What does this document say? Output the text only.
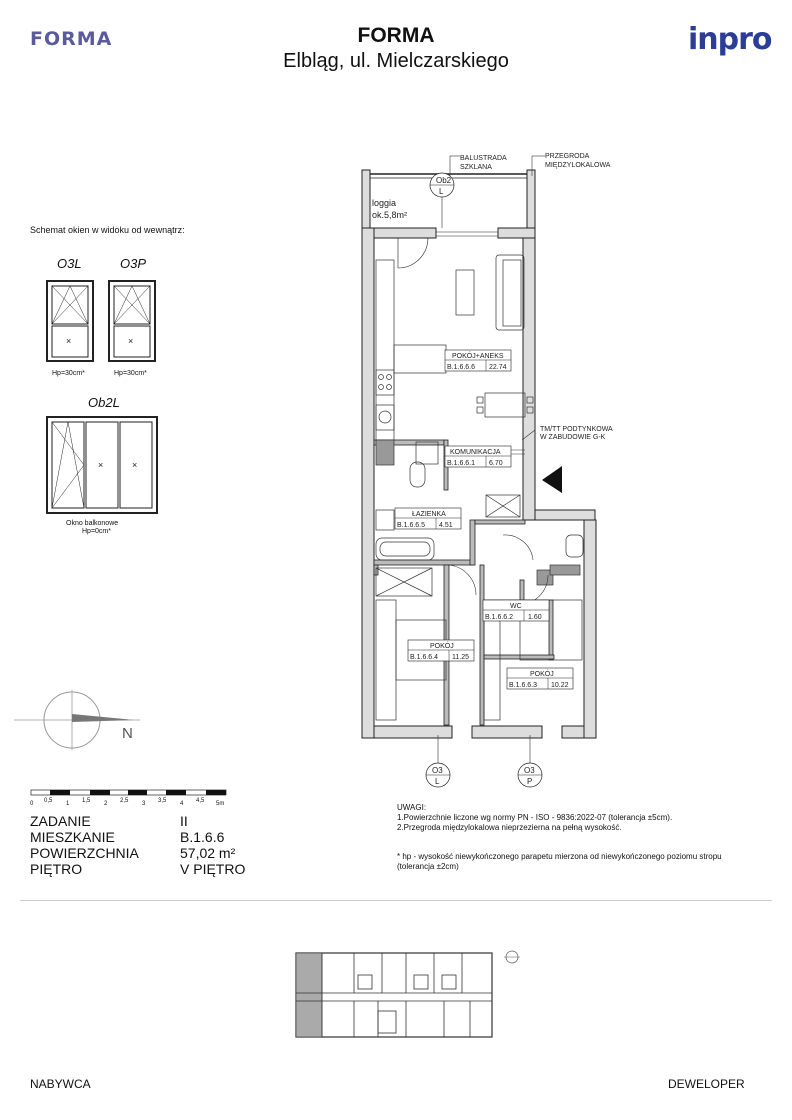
FORMA	FORMA
Elbląg, ul. Mielczarskiego
inpro
Schemat okien w widoku od wewnątrz:
O3L	O3P
×	×
Hp=30cm*	Hp=30cm*
Ob2L
×	×
Okno balkonowe
Hp=0cm*
loggia
ok.5,8m²
BALUSTRADA
SZKLANA
PRZEGRODA
MIĘDZYLOKALOWA
TM/TT PODTYNKOWA
W ZABUDOWIE G-K
Ob2
L
O3
L
O3
P
POKÓJ+ANEKS
B.1.6.6.6 22.74
KOMUNIKACJA
B.1.6.6.1 6.70
ŁAZIENKA
B.1.6.6.5 4.51
WC
B.1.6.6.2 1.60
POKÓJ
B.1.6.6.4 11.25
POKÓJ
B.1.6.6.3 10.22
N
0 0,5 1 1,5 2 2,5 3 3,5 4 4,5 5m
ZADANIE	II
MIESZKANIE	B.1.6.6
POWIERZCHNIA	57,02 m²
PIĘTRO	V PIĘTRO
UWAGI:
1.Powierzchnie liczone wg normy PN - ISO - 9836:2022-07 (tolerancja ±5cm).
2.Przegroda międzylokalowa nieprzezierna na pełną wysokość.
* hp - wysokość niewykończonego parapetu mierzona od niewykończonego poziomu stropu
(tolerancja ±2cm)
NABYWCA	DEWELOPER
